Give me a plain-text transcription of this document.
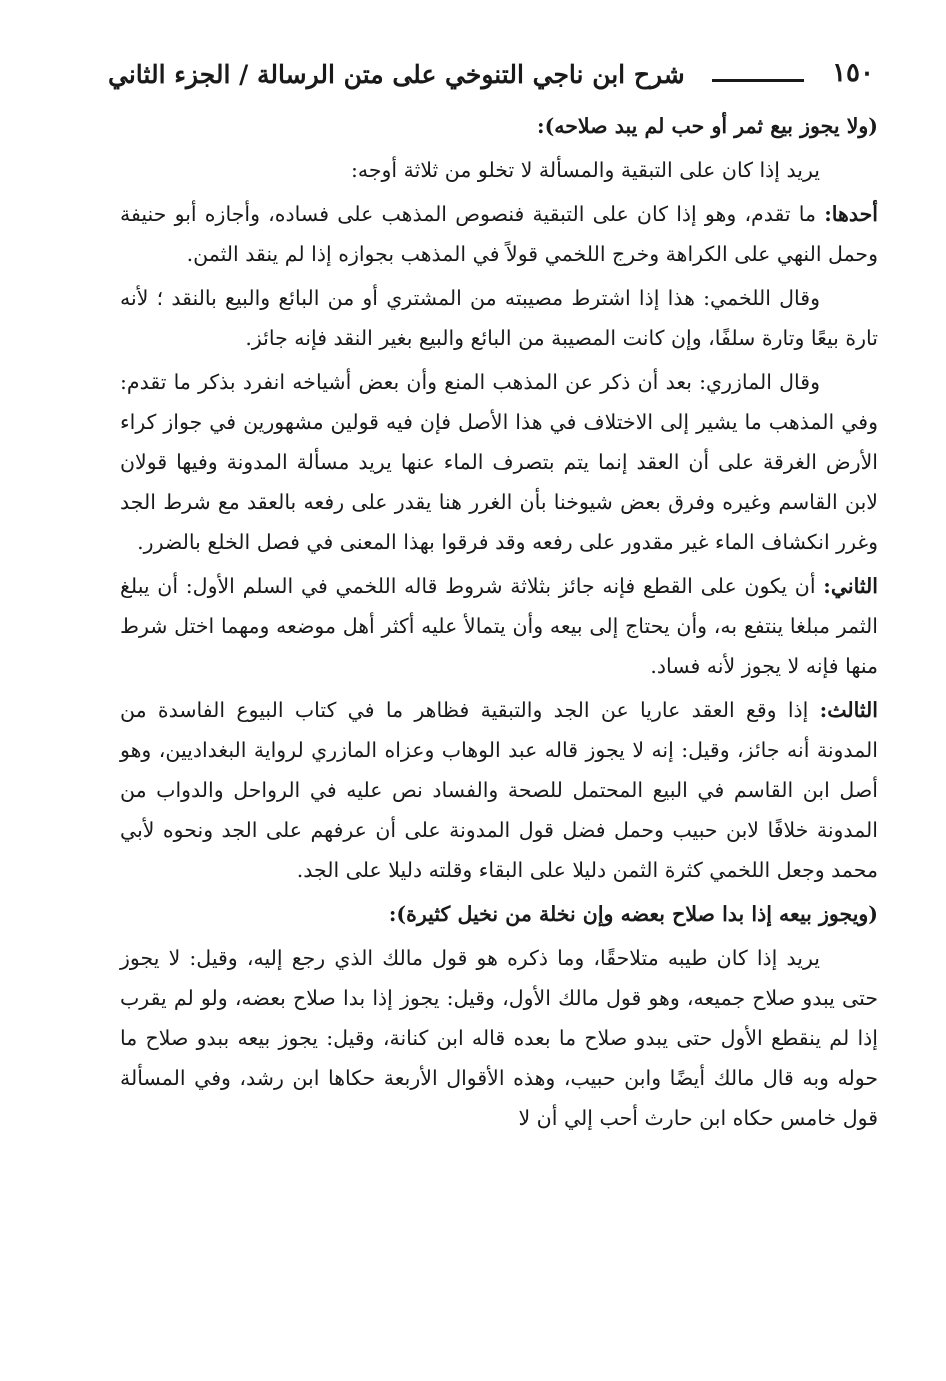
١٥٠
شرح ابن ناجي التنوخي على متن الرسالة / الجزء الثاني

(ولا يجوز بيع ثمر أو حب لم يبد صلاحه):

يريد إذا كان على التبقية والمسألة لا تخلو من ثلاثة أوجه:

أحدها: ما تقدم، وهو إذا كان على التبقية فنصوص المذهب على فساده، وأجازه أبو حنيفة وحمل النهي على الكراهة وخرج اللخمي قولاً في المذهب بجوازه إذا لم ينقد الثمن.

وقال اللخمي: هذا إذا اشترط مصيبته من المشتري أو من البائع والبيع بالنقد ؛ لأنه تارة بيعًا وتارة سلفًا، وإن كانت المصيبة من البائع والبيع بغير النقد فإنه جائز.

وقال المازري: بعد أن ذكر عن المذهب المنع وأن بعض أشياخه انفرد بذكر ما تقدم: وفي المذهب ما يشير إلى الاختلاف في هذا الأصل فإن فيه قولين مشهورين في جواز كراء الأرض الغرقة على أن العقد إنما يتم بتصرف الماء عنها يريد مسألة المدونة وفيها قولان لابن القاسم وغيره وفرق بعض شيوخنا بأن الغرر هنا يقدر على رفعه بالعقد مع شرط الجد وغرر انكشاف الماء غير مقدور على رفعه وقد فرقوا بهذا المعنى في فصل الخلع بالضرر.

الثاني: أن يكون على القطع فإنه جائز بثلاثة شروط قاله اللخمي في السلم الأول: أن يبلغ الثمر مبلغا ينتفع به، وأن يحتاج إلى بيعه وأن يتمالأ عليه أكثر أهل موضعه ومهما اختل شرط منها فإنه لا يجوز لأنه فساد.

الثالث: إذا وقع العقد عاريا عن الجد والتبقية فظاهر ما في كتاب البيوع الفاسدة من المدونة أنه جائز، وقيل: إنه لا يجوز قاله عبد الوهاب وعزاه المازري لرواية البغداديين، وهو أصل ابن القاسم في البيع المحتمل للصحة والفساد نص عليه في الرواحل والدواب من المدونة خلافًا لابن حبيب وحمل فضل قول المدونة على أن عرفهم على الجد ونحوه لأبي محمد وجعل اللخمي كثرة الثمن دليلا على البقاء وقلته دليلا على الجد.

(ويجوز بيعه إذا بدا صلاح بعضه وإن نخلة من نخيل كثيرة):

يريد إذا كان طيبه متلاحقًا، وما ذكره هو قول مالك الذي رجع إليه، وقيل: لا يجوز حتى يبدو صلاح جميعه، وهو قول مالك الأول، وقيل: يجوز إذا بدا صلاح بعضه، ولو لم يقرب إذا لم ينقطع الأول حتى يبدو صلاح ما بعده قاله ابن كنانة، وقيل: يجوز بيعه ببدو صلاح ما حوله وبه قال مالك أيضًا وابن حبيب، وهذه الأقوال الأربعة حكاها ابن رشد، وفي المسألة قول خامس حكاه ابن حارث أحب إلي أن لا
